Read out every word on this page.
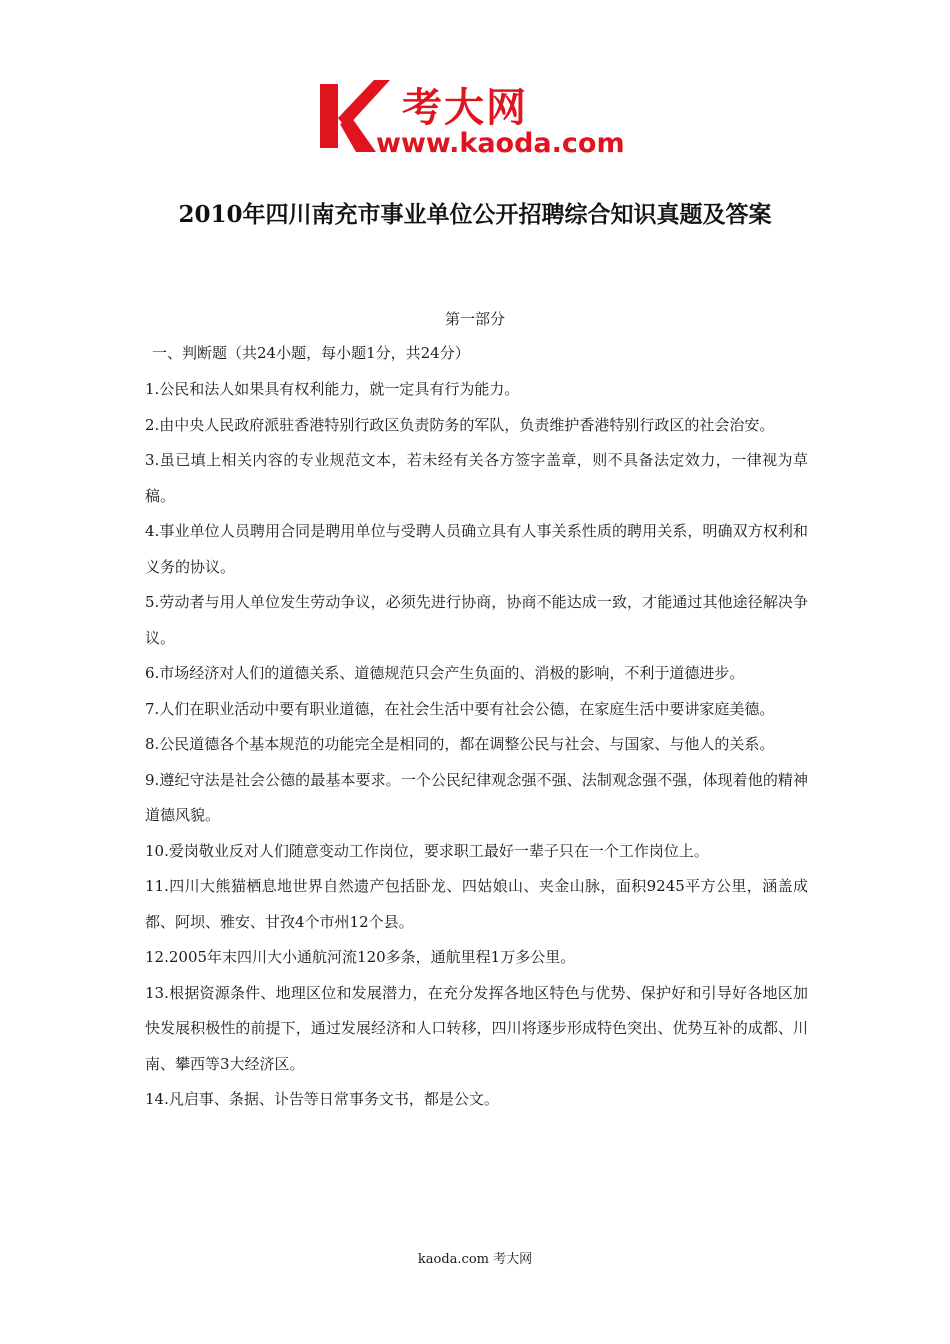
考大网
www.kaoda.com
2010年四川南充市事业单位公开招聘综合知识真题及答案
第一部分
一、判断题（共24小题，每小题1分，共24分）

1.公民和法人如果具有权利能力，就一定具有行为能力。

2.由中央人民政府派驻香港特别行政区负责防务的军队，负责维护香港特别行政区的社会治安。

3.虽已填上相关内容的专业规范文本，若未经有关各方签字盖章，则不具备法定效力，一律视为草稿。

4.事业单位人员聘用合同是聘用单位与受聘人员确立具有人事关系性质的聘用关系，明确双方权利和义务的协议。

5.劳动者与用人单位发生劳动争议，必须先进行协商，协商不能达成一致，才能通过其他途径解决争议。

6.市场经济对人们的道德关系、道德规范只会产生负面的、消极的影响，不利于道德进步。

7.人们在职业活动中要有职业道德，在社会生活中要有社会公德，在家庭生活中要讲家庭美德。

8.公民道德各个基本规范的功能完全是相同的，都在调整公民与社会、与国家、与他人的关系。

9.遵纪守法是社会公德的最基本要求。一个公民纪律观念强不强、法制观念强不强，体现着他的精神道德风貌。

10.爱岗敬业反对人们随意变动工作岗位，要求职工最好一辈子只在一个工作岗位上。

11.四川大熊猫栖息地世界自然遗产包括卧龙、四姑娘山、夹金山脉，面积9245平方公里，涵盖成都、阿坝、雅安、甘孜4个市州12个县。

12.2005年末四川大小通航河流120多条，通航里程1万多公里。

13.根据资源条件、地理区位和发展潜力，在充分发挥各地区特色与优势、保护好和引导好各地区加快发展积极性的前提下，通过发展经济和人口转移，四川将逐步形成特色突出、优势互补的成都、川南、攀西等3大经济区。

14.凡启事、条据、讣告等日常事务文书，都是公文。

kaoda.com 考大网
